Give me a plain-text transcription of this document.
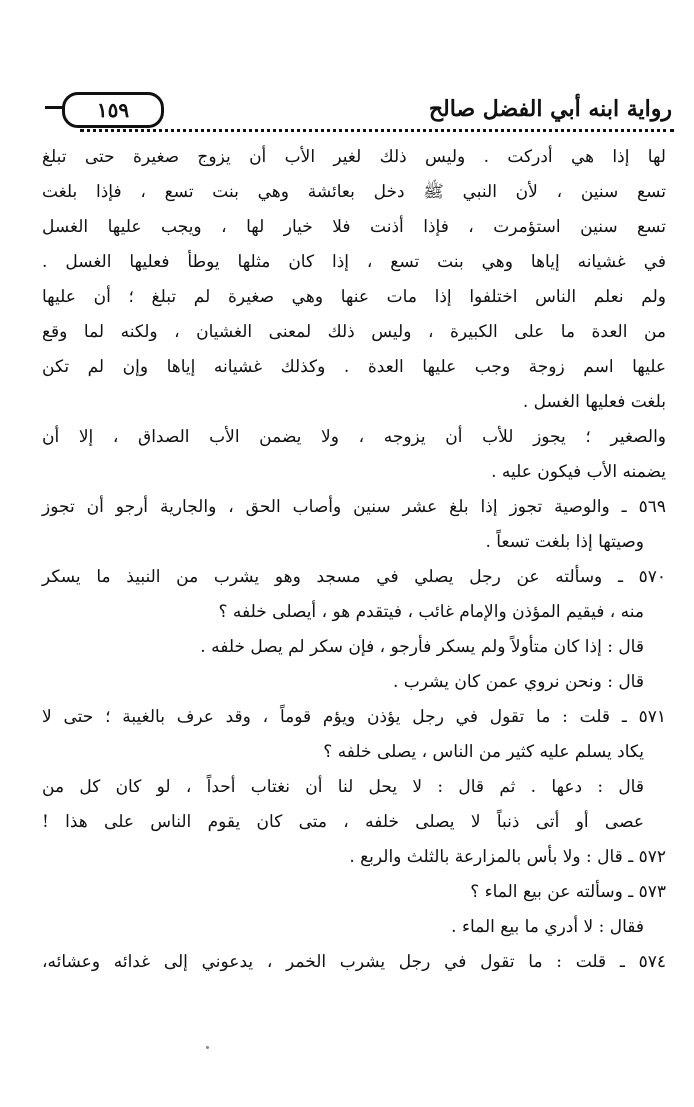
رواية ابنه أبي الفضل صالح
١٥٩
لها إذا هي أدركت . وليس ذلك لغير الأب أن يزوج صغيرة حتى تبلغ
تسع سنين ، لأن النبي ﷺ دخل بعائشة وهي بنت تسع ، فإذا بلغت
تسع سنين استؤمرت ، فإذا أذنت فلا خيار لها ، ويجب عليها الغسل
في غشيانه إياها وهي بنت تسع ، إذا كان مثلها يوطأ فعليها الغسل .
ولم نعلم الناس اختلفوا إذا مات عنها وهي صغيرة لم تبلغ ؛ أن عليها
من العدة ما على الكبيرة ، وليس ذلك لمعنى الغشيان ، ولكنه لما وقع
عليها اسم زوجة وجب عليها العدة . وكذلك غشيانه إياها وإن لم تكن
بلغت فعليها الغسل .
والصغير ؛ يجوز للأب أن يزوجه ، ولا يضمن الأب الصداق ، إلا أن
يضمنه الأب فيكون عليه .
٥٦٩ ـ والوصية تجوز إذا بلغ عشر سنين وأصاب الحق ، والجارية أرجو أن تجوز
وصيتها إذا بلغت تسعاً .
٥٧٠ ـ وسألته عن رجل يصلي في مسجد وهو يشرب من النبيذ ما يسكر
منه ، فيقيم المؤذن والإمام غائب ، فيتقدم هو ، أيصلى خلفه ؟
قال : إذا كان متأولاً ولم يسكر فأرجو ، فإن سكر لم يصل خلفه .
قال : ونحن نروي عمن كان يشرب .
٥٧١ ـ قلت : ما تقول في رجل يؤذن ويؤم قوماً ، وقد عرف بالغيبة ؛ حتى لا
يكاد يسلم عليه كثير من الناس ، يصلى خلفه ؟
قال : دعها . ثم قال : لا يحل لنا أن نغتاب أحداً ، لو كان كل من
عصى أو أتى ذنباً لا يصلى خلفه ، متى كان يقوم الناس على هذا !
٥٧٢ ـ قال : ولا بأس بالمزارعة بالثلث والربع .
٥٧٣ ـ وسألته عن بيع الماء ؟
فقال : لا أدري ما بيع الماء .
٥٧٤ ـ قلت : ما تقول في رجل يشرب الخمر ، يدعوني إلى غدائه وعشائه،
